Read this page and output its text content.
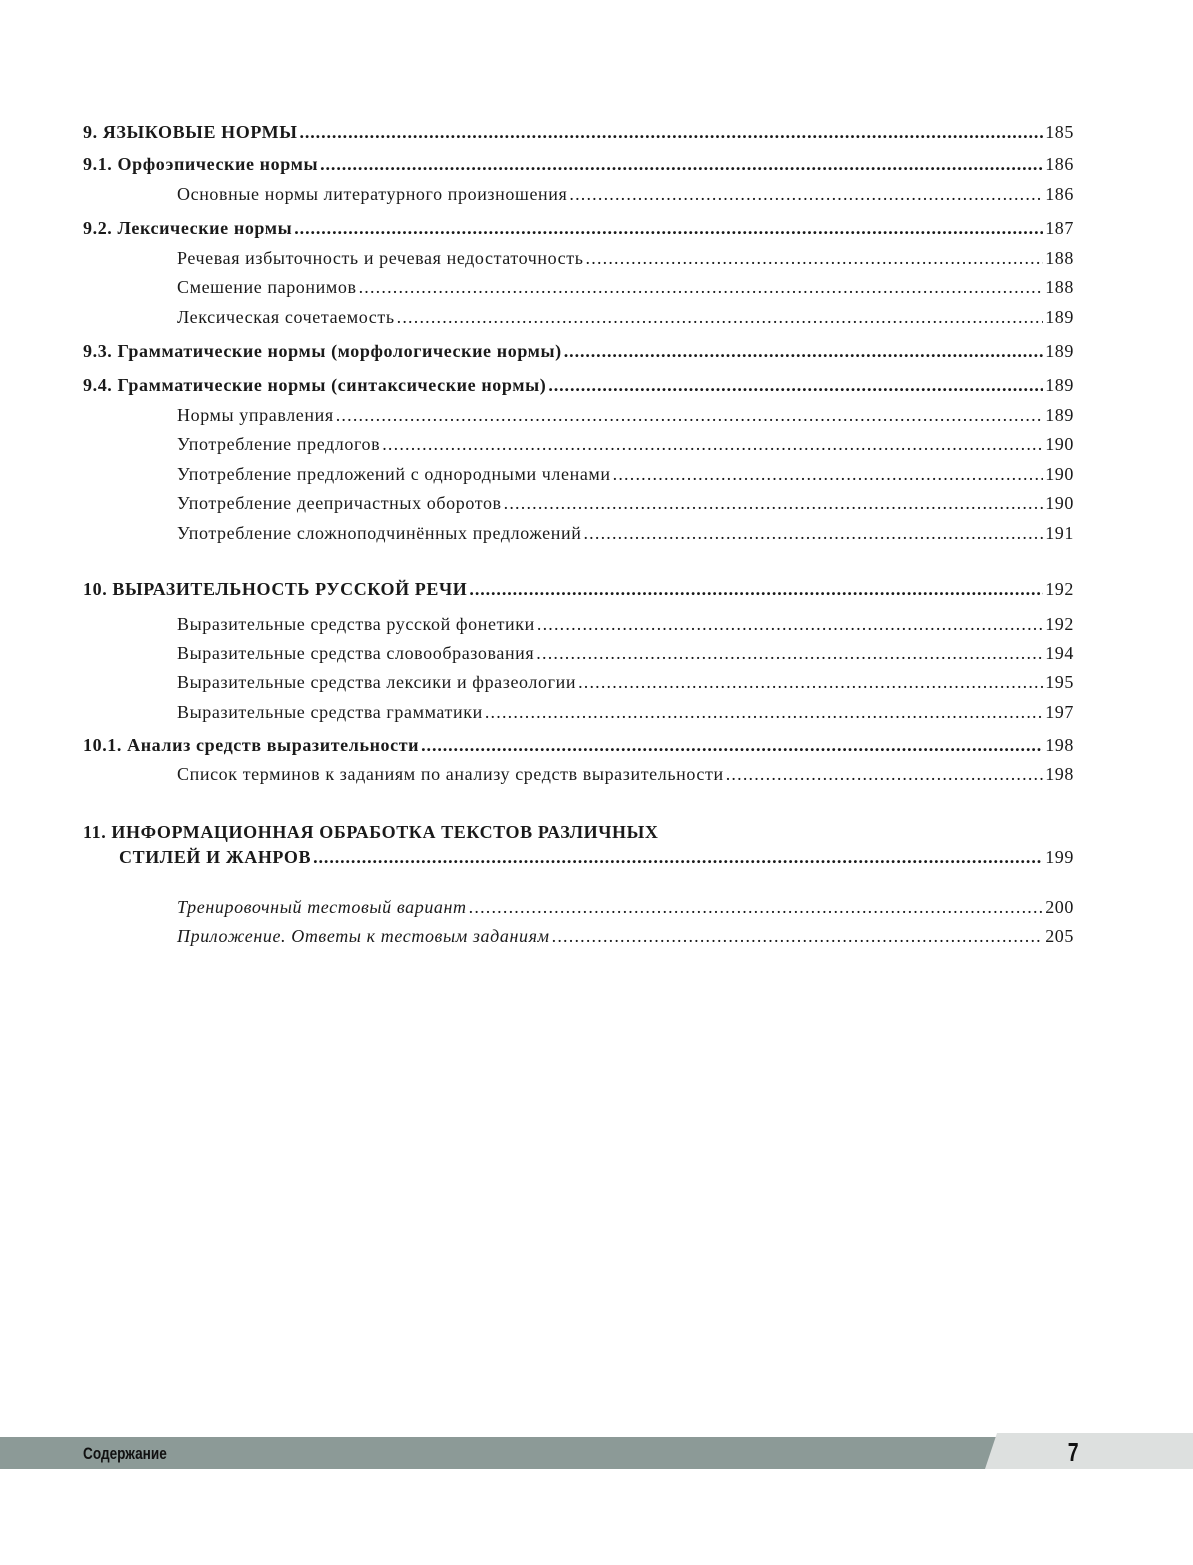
9. ЯЗЫКОВЫЕ НОРМЫ .....	185
9.1. Орфоэпические нормы .....	186
Основные нормы литературного произношения .....	186
9.2. Лексические нормы .....	187
Речевая избыточность и речевая недостаточность .....	188
Смешение паронимов .....	188
Лексическая сочетаемость .....	189
9.3. Грамматические нормы (морфологические нормы) .....	189
9.4. Грамматические нормы (синтаксические нормы) .....	189
Нормы управления .....	189
Употребление предлогов .....	190
Употребление предложений с однородными членами .....	190
Употребление деепричастных оборотов .....	190
Употребление сложноподчинённых предложений .....	191
10. ВЫРАЗИТЕЛЬНОСТЬ РУССКОЙ РЕЧИ .....	192
Выразительные средства русской фонетики .....	192
Выразительные средства словообразования .....	194
Выразительные средства лексики и фразеологии .....	195
Выразительные средства грамматики .....	197
10.1. Анализ средств выразительности .....	198
Список терминов к заданиям по анализу средств выразительности .....	198
11. ИНФОРМАЦИОННАЯ ОБРАБОТКА ТЕКСТОВ РАЗЛИЧНЫХ
СТИЛЕЙ И ЖАНРОВ .....	199
Тренировочный тестовый вариант .....	200
Приложение. Ответы к тестовым заданиям .....	205
Содержание	7
